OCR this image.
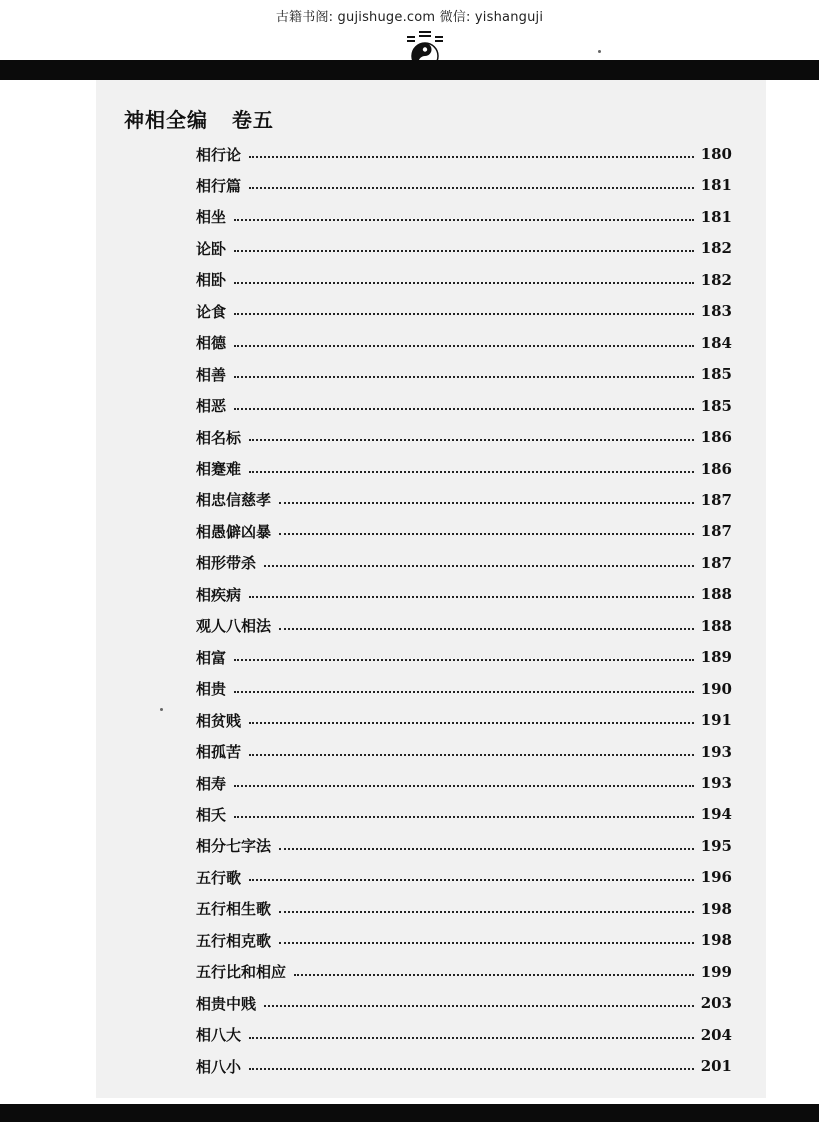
古籍书阁: gujishuge.com 微信: yishanguji
神相全编   卷五
相行论	180
相行篇	181
相坐	181
论卧	182
相卧	182
论食	183
相德	184
相善	185
相恶	185
相名标	186
相蹇难	186
相忠信慈孝	187
相愚僻凶暴	187
相形带杀	187
相疾病	188
观人八相法	188
相富	189
相贵	190
相贫贱	191
相孤苦	193
相寿	193
相夭	194
相分七字法	195
五行歌	196
五行相生歌	198
五行相克歌	198
五行比和相应	199
相贵中贱	203
相八大	204
相八小	201
